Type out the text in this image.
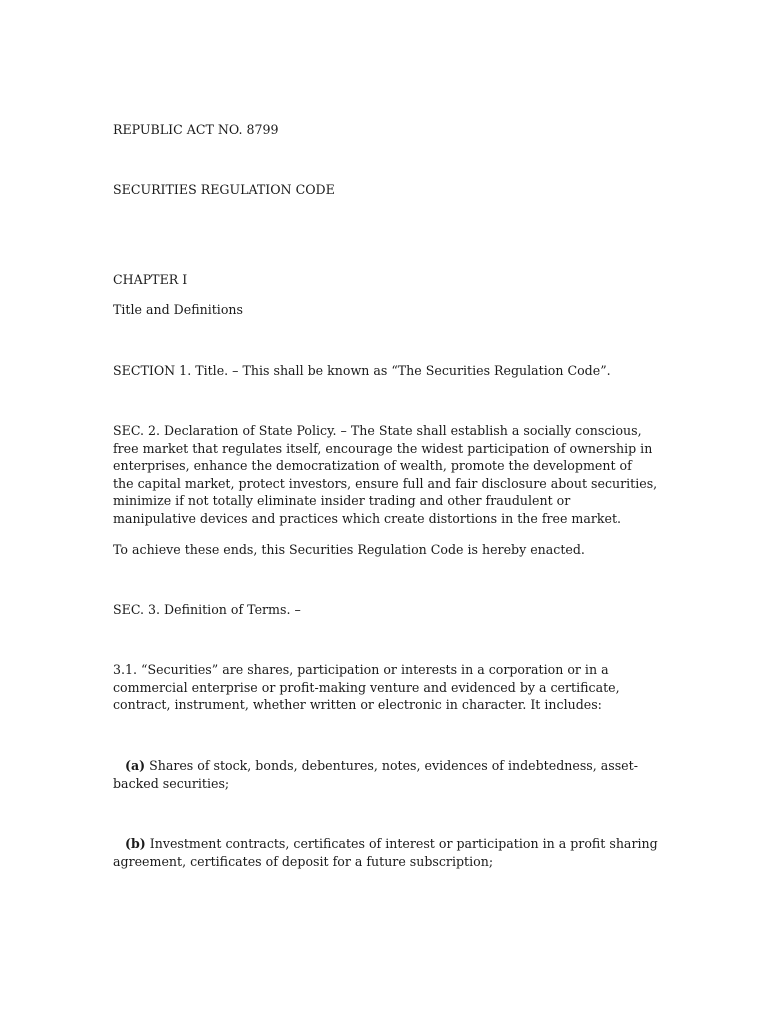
REPUBLIC ACT NO. 8799

SECURITIES REGULATION CODE

CHAPTER I

Title and Definitions

SECTION 1. Title. – This shall be known as “The Securities Regulation Code”.

SEC. 2. Declaration of State Policy. – The State shall establish a socially conscious,
free market that regulates itself, encourage the widest participation of ownership in
enterprises, enhance the democratization of wealth, promote the development of
the capital market, protect investors, ensure full and fair disclosure about securities,
minimize if not totally eliminate insider trading and other fraudulent or
manipulative devices and practices which create distortions in the free market.

To achieve these ends, this Securities Regulation Code is hereby enacted.

SEC. 3. Definition of Terms. –

3.1. “Securities” are shares, participation or interests in a corporation or in a
commercial enterprise or profit-making venture and evidenced by a certificate,
contract, instrument, whether written or electronic in character. It includes:
(a) Shares of stock, bonds, debentures, notes, evidences of indebtedness, asset-
backed securities;
(b) Investment contracts, certificates of interest or participation in a profit sharing
agreement, certificates of deposit for a future subscription;
